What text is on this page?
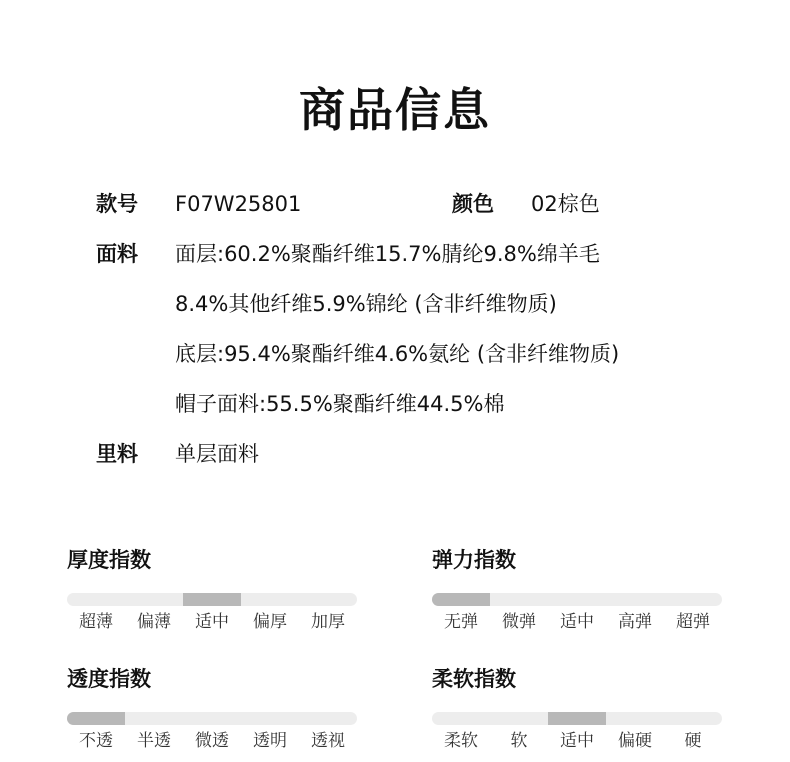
商品信息
款号 F07W25801	颜色 02棕色
面料 面层:60.2%聚酯纤维15.7%腈纶9.8%绵羊毛
8.4%其他纤维5.9%锦纶 (含非纤维物质)
底层:95.4%聚酯纤维4.6%氨纶 (含非纤维物质)
帽子面料:55.5%聚酯纤维44.5%棉
里料 单层面料
厚度指数
超薄	偏薄	适中	偏厚	加厚
弹力指数
无弹	微弹	适中	高弹	超弹
透度指数
不透	半透	微透	透明	透视
柔软指数
柔软	软	适中	偏硬	硬
